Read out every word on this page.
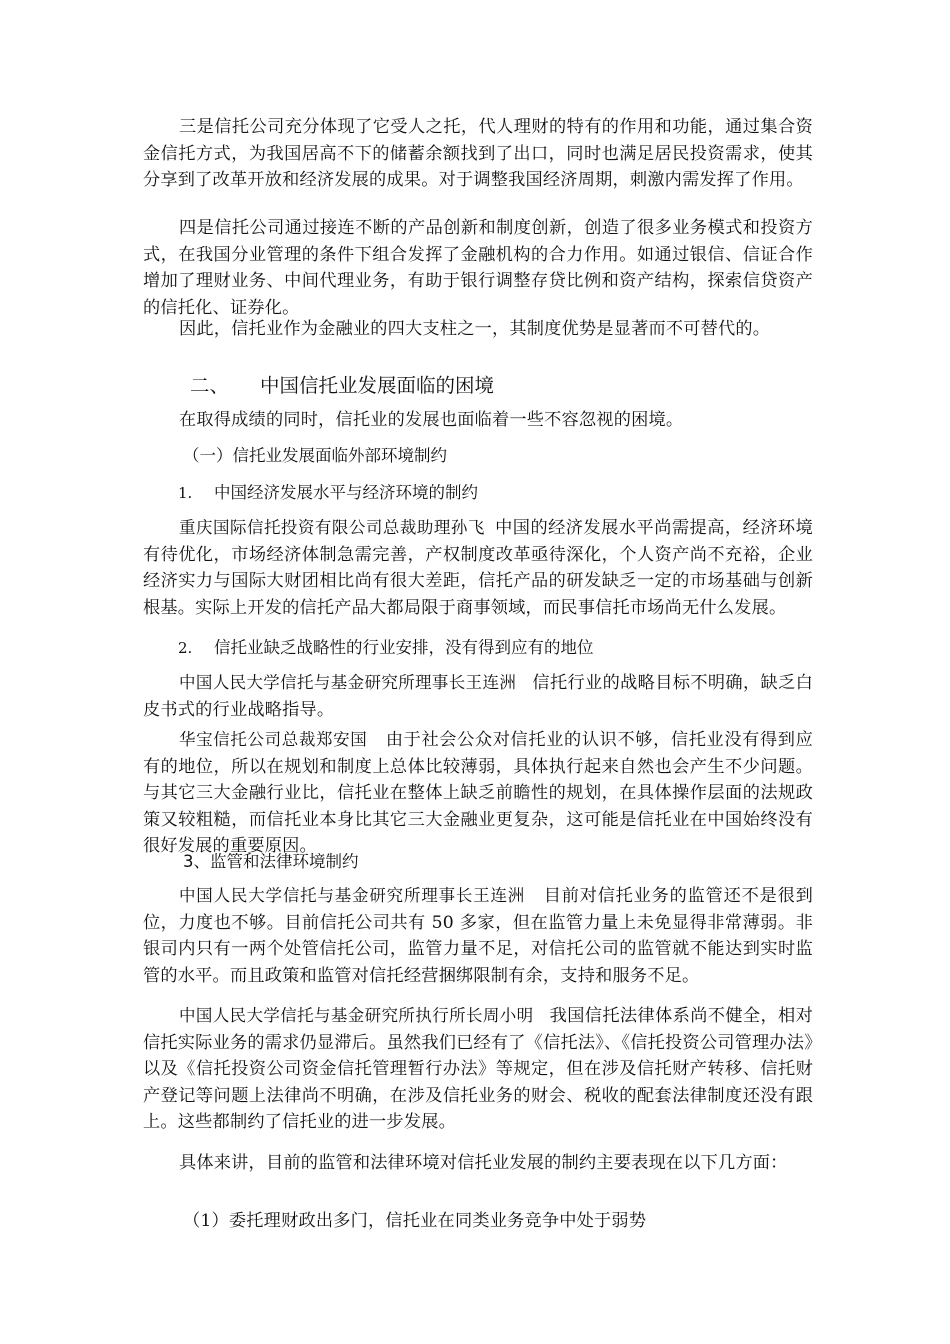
三是信托公司充分体现了它受人之托，代人理财的特有的作用和功能，通过集合资金信托方式，为我国居高不下的储蓄余额找到了出口，同时也满足居民投资需求，使其分享到了改革开放和经济发展的成果。对于调整我国经济周期，刺激内需发挥了作用。
四是信托公司通过接连不断的产品创新和制度创新，创造了很多业务模式和投资方式，在我国分业管理的条件下组合发挥了金融机构的合力作用。如通过银信、信证合作增加了理财业务、中间代理业务，有助于银行调整存贷比例和资产结构，探索信贷资产的信托化、证券化。
因此，信托业作为金融业的四大支柱之一，其制度优势是显著而不可替代的。
二、 中国信托业发展面临的困境
在取得成绩的同时，信托业的发展也面临着一些不容忽视的困境。
（一）信托业发展面临外部环境制约
1. 中国经济发展水平与经济环境的制约
重庆国际信托投资有限公司总裁助理孙飞 中国的经济发展水平尚需提高，经济环境有待优化，市场经济体制急需完善，产权制度改革亟待深化，个人资产尚不充裕，企业经济实力与国际大财团相比尚有很大差距，信托产品的研发缺乏一定的市场基础与创新根基。实际上开发的信托产品大都局限于商事领域，而民事信托市场尚无什么发展。
2. 信托业缺乏战略性的行业安排，没有得到应有的地位
中国人民大学信托与基金研究所理事长王连洲 信托行业的战略目标不明确，缺乏白皮书式的行业战略指导。
华宝信托公司总裁郑安国 由于社会公众对信托业的认识不够，信托业没有得到应有的地位，所以在规划和制度上总体比较薄弱，具体执行起来自然也会产生不少问题。与其它三大金融行业比，信托业在整体上缺乏前瞻性的规划，在具体操作层面的法规政策又较粗糙，而信托业本身比其它三大金融业更复杂，这可能是信托业在中国始终没有很好发展的重要原因。
3、监管和法律环境制约
中国人民大学信托与基金研究所理事长王连洲 目前对信托业务的监管还不是很到位，力度也不够。目前信托公司共有 50 多家，但在监管力量上未免显得非常薄弱。非银司内只有一两个处管信托公司，监管力量不足，对信托公司的监管就不能达到实时监管的水平。而且政策和监管对信托经营捆绑限制有余，支持和服务不足。
中国人民大学信托与基金研究所执行所长周小明 我国信托法律体系尚不健全，相对信托实际业务的需求仍显滞后。虽然我们已经有了《信托法》、《信托投资公司管理办法》以及《信托投资公司资金信托管理暂行办法》等规定，但在涉及信托财产转移、信托财产登记等问题上法律尚不明确，在涉及信托业务的财会、税收的配套法律制度还没有跟上。这些都制约了信托业的进一步发展。
具体来讲，目前的监管和法律环境对信托业发展的制约主要表现在以下几方面：
（1）委托理财政出多门，信托业在同类业务竞争中处于弱势
